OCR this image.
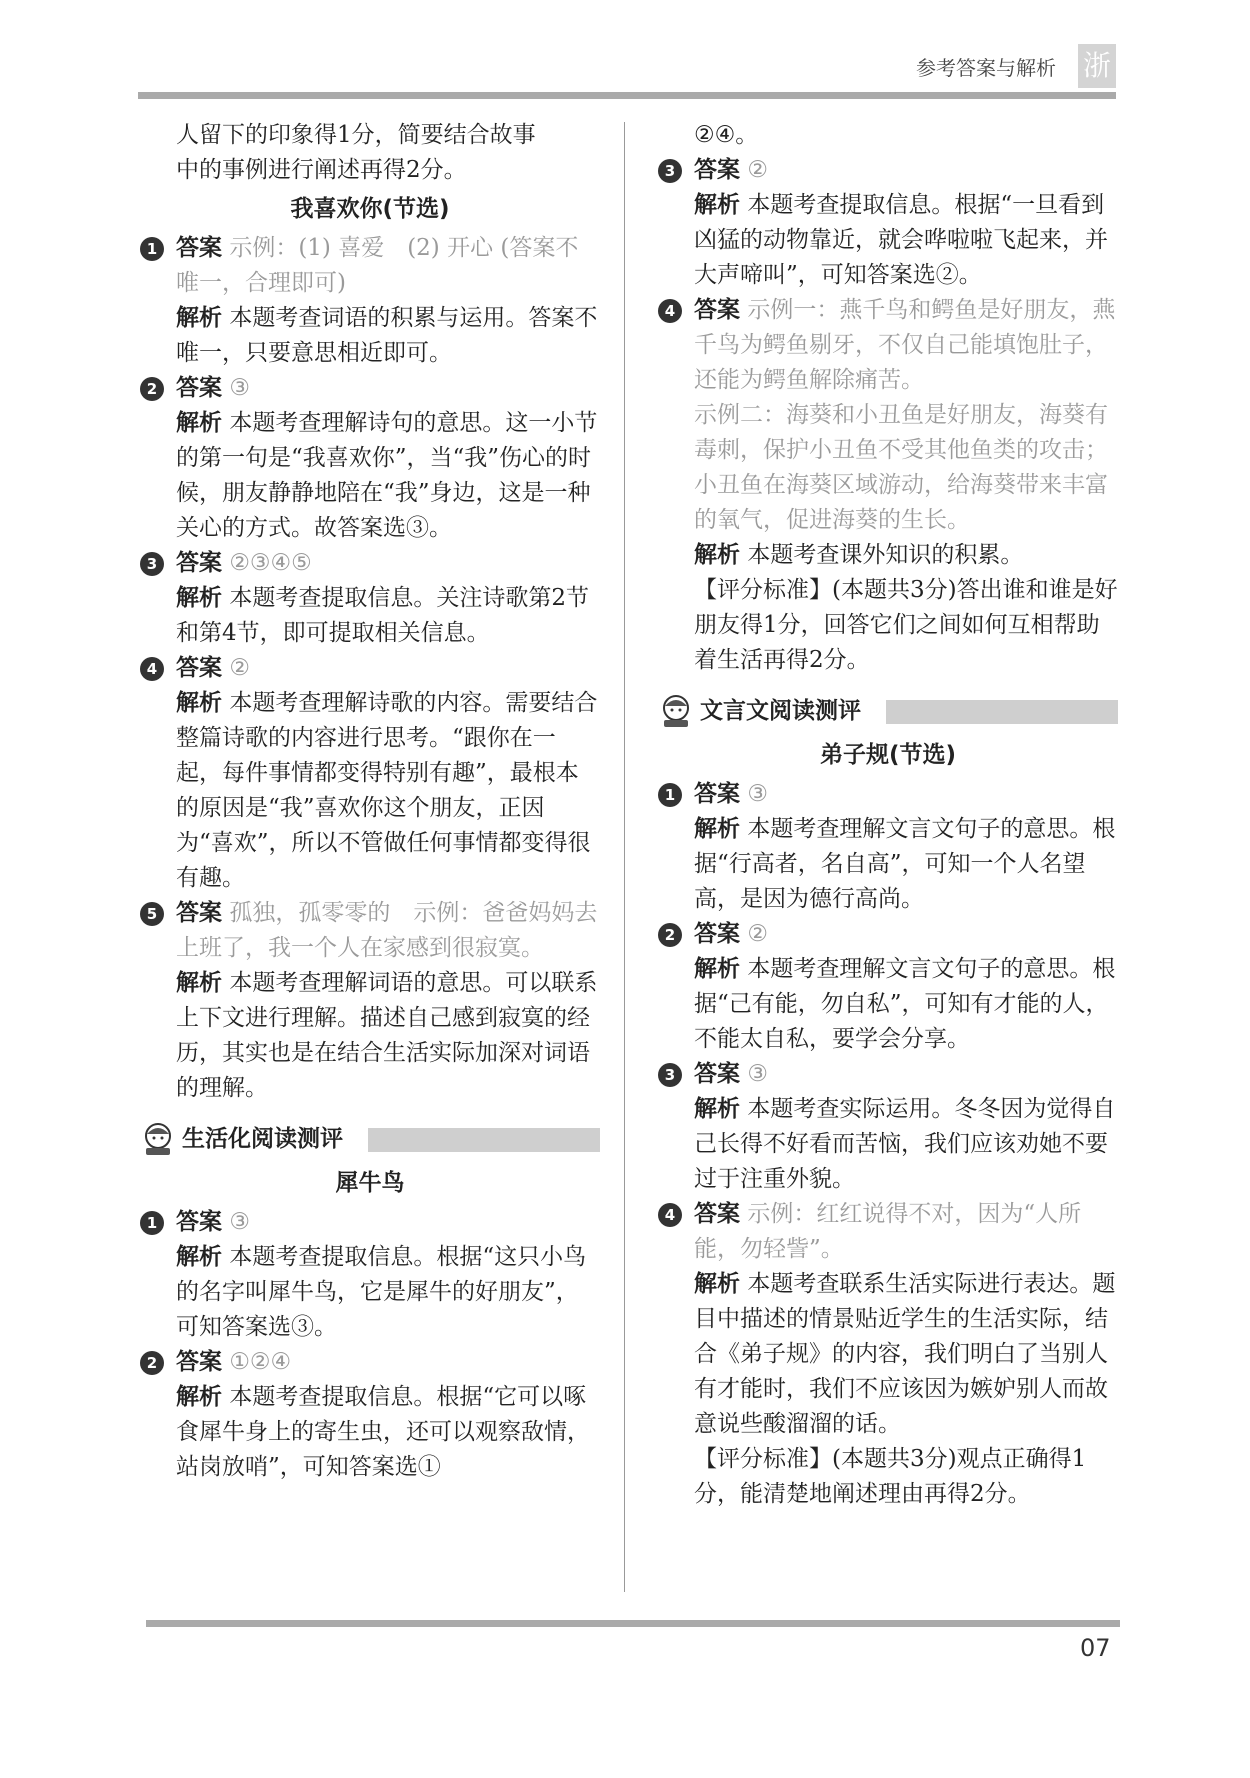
参考答案与解析 浙

人留下的印象得1分，简要结合故事

中的事例进行阐述再得2分。

我喜欢你(节选)
1 答案 示例：(1) 喜爱　(2) 开心 (答案不唯一，合理即可)

解析 本题考查词语的积累与运用。答案不唯一，只要意思相近即可。

2 答案 ③

解析 本题考查理解诗句的意思。这一小节的第一句是“我喜欢你”，当“我”伤心的时候，朋友静静地陪在“我”身边，这是一种关心的方式。故答案选③。

3 答案 ②③④⑤

解析 本题考查提取信息。关注诗歌第2节和第4节，即可提取相关信息。

4 答案 ②

解析 本题考查理解诗歌的内容。需要结合整篇诗歌的内容进行思考。“跟你在一起，每件事情都变得特别有趣”，最根本的原因是“我”喜欢你这个朋友，正因为“喜欢”，所以不管做任何事情都变得很有趣。

5 答案 孤独，孤零零的　示例：爸爸妈妈去上班了，我一个人在家感到很寂寞。

解析 本题考查理解词语的意思。可以联系上下文进行理解。描述自己感到寂寞的经历，其实也是在结合生活实际加深对词语的理解。

生活化阅读测评
犀牛鸟
1 答案 ③

解析 本题考查提取信息。根据“这只小鸟的名字叫犀牛鸟，它是犀牛的好朋友”，可知答案选③。

2 答案 ①②④

解析 本题考查提取信息。根据“它可以啄食犀牛身上的寄生虫，还可以观察敌情，站岗放哨”，可知答案选①

②④。

3 答案 ②

解析 本题考查提取信息。根据“一旦看到凶猛的动物靠近，就会哗啦啦飞起来，并大声啼叫”，可知答案选②。

4 答案 示例一：燕千鸟和鳄鱼是好朋友，燕千鸟为鳄鱼剔牙，不仅自己能填饱肚子，还能为鳄鱼解除痛苦。

示例二：海葵和小丑鱼是好朋友，海葵有毒刺，保护小丑鱼不受其他鱼类的攻击；小丑鱼在海葵区域游动，给海葵带来丰富的氧气，促进海葵的生长。

解析 本题考查课外知识的积累。

【评分标准】(本题共3分)答出谁和谁是好朋友得1分，回答它们之间如何互相帮助着生活再得2分。

文言文阅读测评
弟子规(节选)
1 答案 ③

解析 本题考查理解文言文句子的意思。根据“行高者，名自高”，可知一个人名望高，是因为德行高尚。

2 答案 ②

解析 本题考查理解文言文句子的意思。根据“己有能，勿自私”，可知有才能的人，不能太自私，要学会分享。

3 答案 ③

解析 本题考查实际运用。冬冬因为觉得自己长得不好看而苦恼，我们应该劝她不要过于注重外貌。

4 答案 示例：红红说得不对，因为“人所能，勿轻訾”。

解析 本题考查联系生活实际进行表达。题目中描述的情景贴近学生的生活实际，结合《弟子规》的内容，我们明白了当别人有才能时，我们不应该因为嫉妒别人而故意说些酸溜溜的话。

【评分标准】(本题共3分)观点正确得1分，能清楚地阐述理由再得2分。

07
